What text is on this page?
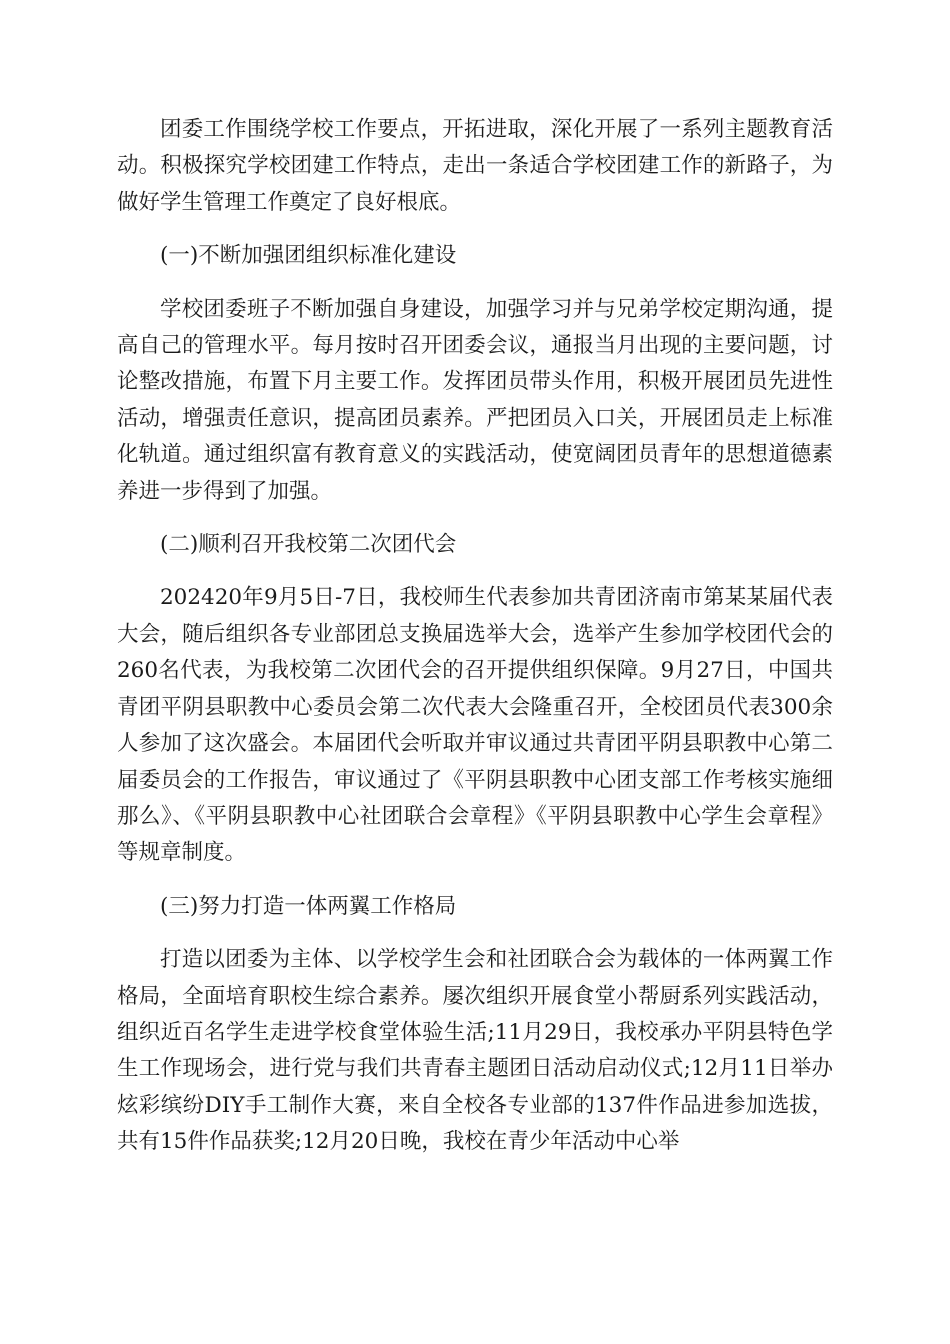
团委工作围绕学校工作要点，开拓进取，深化开展了一系列主题教育活动。积极探究学校团建工作特点，走出一条适合学校团建工作的新路子，为做好学生管理工作奠定了良好根底。

(一)不断加强团组织标准化建设

学校团委班子不断加强自身建设，加强学习并与兄弟学校定期沟通，提高自己的管理水平。每月按时召开团委会议，通报当月出现的主要问题，讨论整改措施，布置下月主要工作。发挥团员带头作用，积极开展团员先进性活动，增强责任意识，提高团员素养。严把团员入口关，开展团员走上标准化轨道。通过组织富有教育意义的实践活动，使宽阔团员青年的思想道德素养进一步得到了加强。

(二)顺利召开我校第二次团代会

202420年9月5日-7日，我校师生代表参加共青团济南市第某某届代表大会，随后组织各专业部团总支换届选举大会，选举产生参加学校团代会的260名代表，为我校第二次团代会的召开提供组织保障。9月27日，中国共青团平阴县职教中心委员会第二次代表大会隆重召开，全校团员代表300余人参加了这次盛会。本届团代会听取并审议通过共青团平阴县职教中心第二届委员会的工作报告，审议通过了《平阴县职教中心团支部工作考核实施细那么》、《平阴县职教中心社团联合会章程》《平阴县职教中心学生会章程》等规章制度。

(三)努力打造一体两翼工作格局

打造以团委为主体、以学校学生会和社团联合会为载体的一体两翼工作格局，全面培育职校生综合素养。屡次组织开展食堂小帮厨系列实践活动，组织近百名学生走进学校食堂体验生活;11月29日，我校承办平阴县特色学生工作现场会，进行党与我们共青春主题团日活动启动仪式;12月11日举办炫彩缤纷DIY手工制作大赛，来自全校各专业部的137件作品进参加选拔，共有15件作品获奖;12月20日晚，我校在青少年活动中心举
